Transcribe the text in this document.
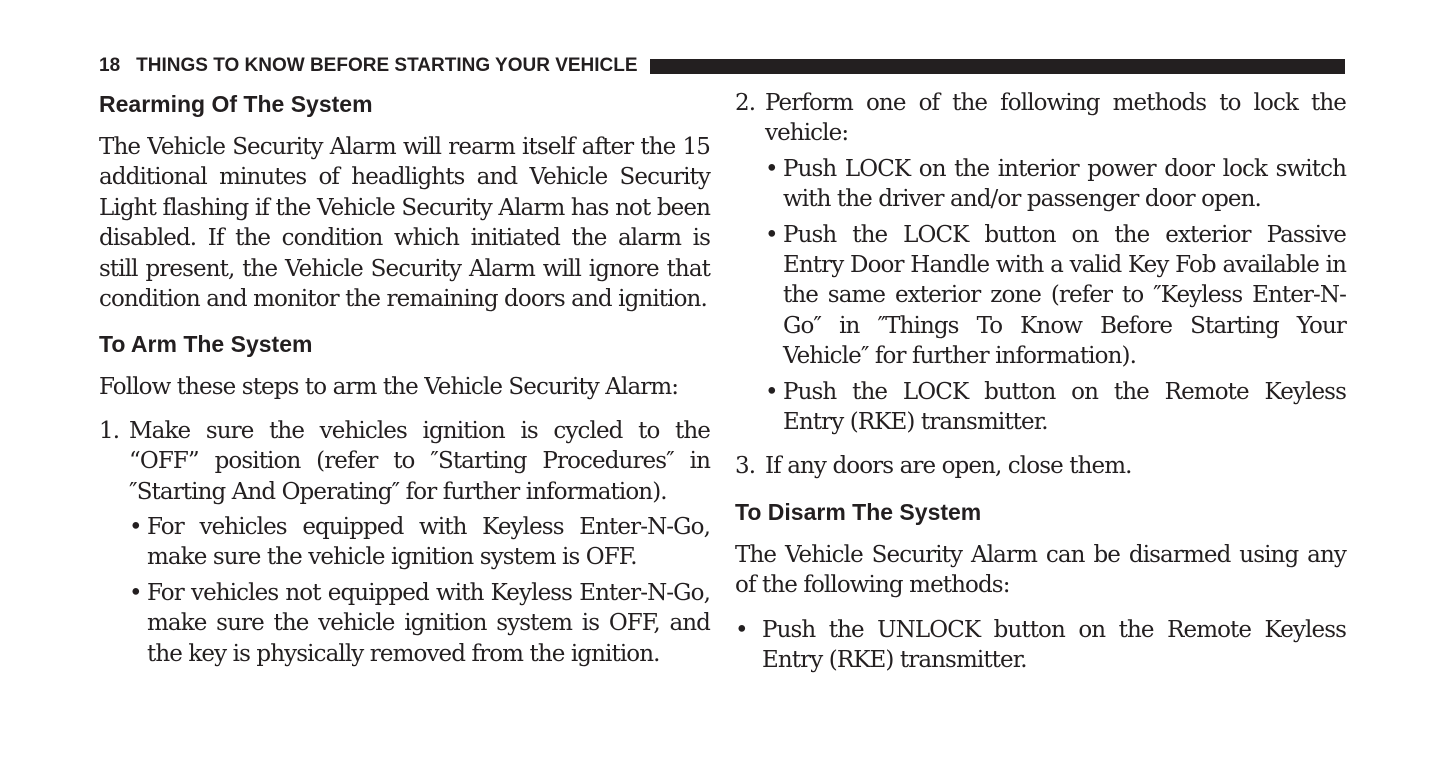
18 THINGS TO KNOW BEFORE STARTING YOUR VEHICLE
Rearming Of The System

The Vehicle Security Alarm will rearm itself after the 15 additional minutes of headlights and Vehicle Security Light flashing if the Vehicle Security Alarm has not been disabled. If the condition which initiated the alarm is still present, the Vehicle Security Alarm will ignore that condition and monitor the remaining doors and ignition.

To Arm The System

Follow these steps to arm the Vehicle Security Alarm:

1. Make sure the vehicles ignition is cycled to the “OFF” position (refer to ″Starting Procedures″ in ″Starting And Operating″ for further information).
• For vehicles equipped with Keyless Enter-N-Go, make sure the vehicle ignition system is OFF.
• For vehicles not equipped with Keyless Enter-N-Go, make sure the vehicle ignition system is OFF, and the key is physically removed from the ignition.
2. Perform one of the following methods to lock the vehicle:
• Push LOCK on the interior power door lock switch with the driver and/or passenger door open.
• Push the LOCK button on the exterior Passive Entry Door Handle with a valid Key Fob available in the same exterior zone (refer to ″Keyless Enter-N-Go″ in ″Things To Know Before Starting Your Vehicle″ for further information).
• Push the LOCK button on the Remote Keyless Entry (RKE) transmitter.
3. If any doors are open, close them.
To Disarm The System

The Vehicle Security Alarm can be disarmed using any of the following methods:

• Push the UNLOCK button on the Remote Keyless Entry (RKE) transmitter.
